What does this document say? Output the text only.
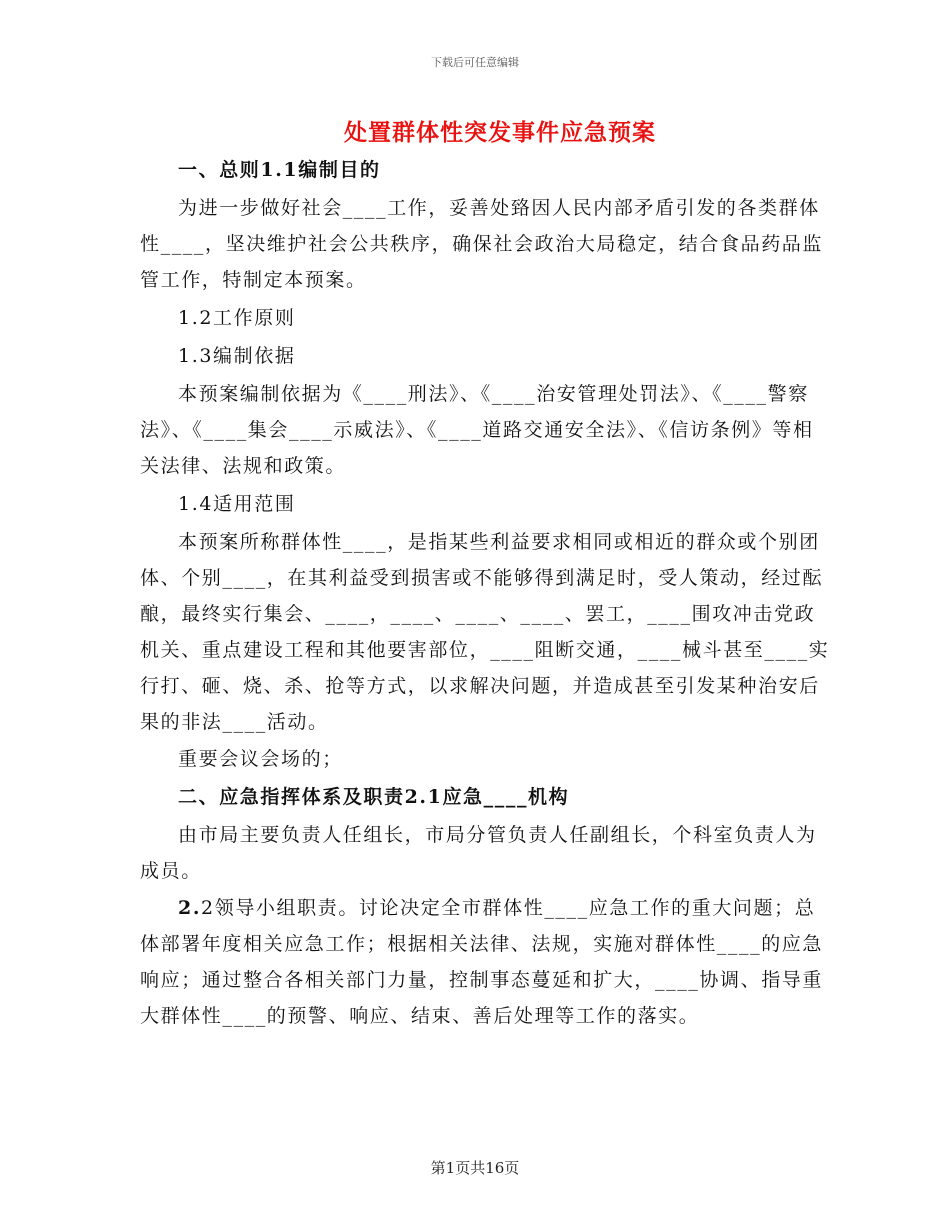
下载后可任意编辑
处置群体性突发事件应急预案

一、总则1.1编制目的

为进一步做好社会____工作，妥善处臵因人民内部矛盾引发的各类群体性____，坚决维护社会公共秩序，确保社会政治大局稳定，结合食品药品监管工作，特制定本预案。

1.2工作原则

1.3编制依据

本预案编制依据为《____刑法》、《____治安管理处罚法》、《____警察法》、《____集会____示威法》、《____道路交通安全法》、《信访条例》等相关法律、法规和政策。

1.4适用范围

本预案所称群体性____，是指某些利益要求相同或相近的群众或个别团体、个别____，在其利益受到损害或不能够得到满足时，受人策动，经过酝酿，最终实行集会、____，____、____、____、罢工，____围攻冲击党政机关、重点建设工程和其他要害部位，____阻断交通，____械斗甚至____实行打、砸、烧、杀、抢等方式，以求解决问题，并造成甚至引发某种治安后果的非法____活动。

重要会议会场的；

二、应急指挥体系及职责2.1应急____机构

由市局主要负责人任组长，市局分管负责人任副组长，个科室负责人为成员。

2.2领导小组职责。讨论决定全市群体性____应急工作的重大问题；总体部署年度相关应急工作；根据相关法律、法规，实施对群体性____的应急响应；通过整合各相关部门力量，控制事态蔓延和扩大，____协调、指导重大群体性____的预警、响应、结束、善后处理等工作的落实。

第1页共16页
